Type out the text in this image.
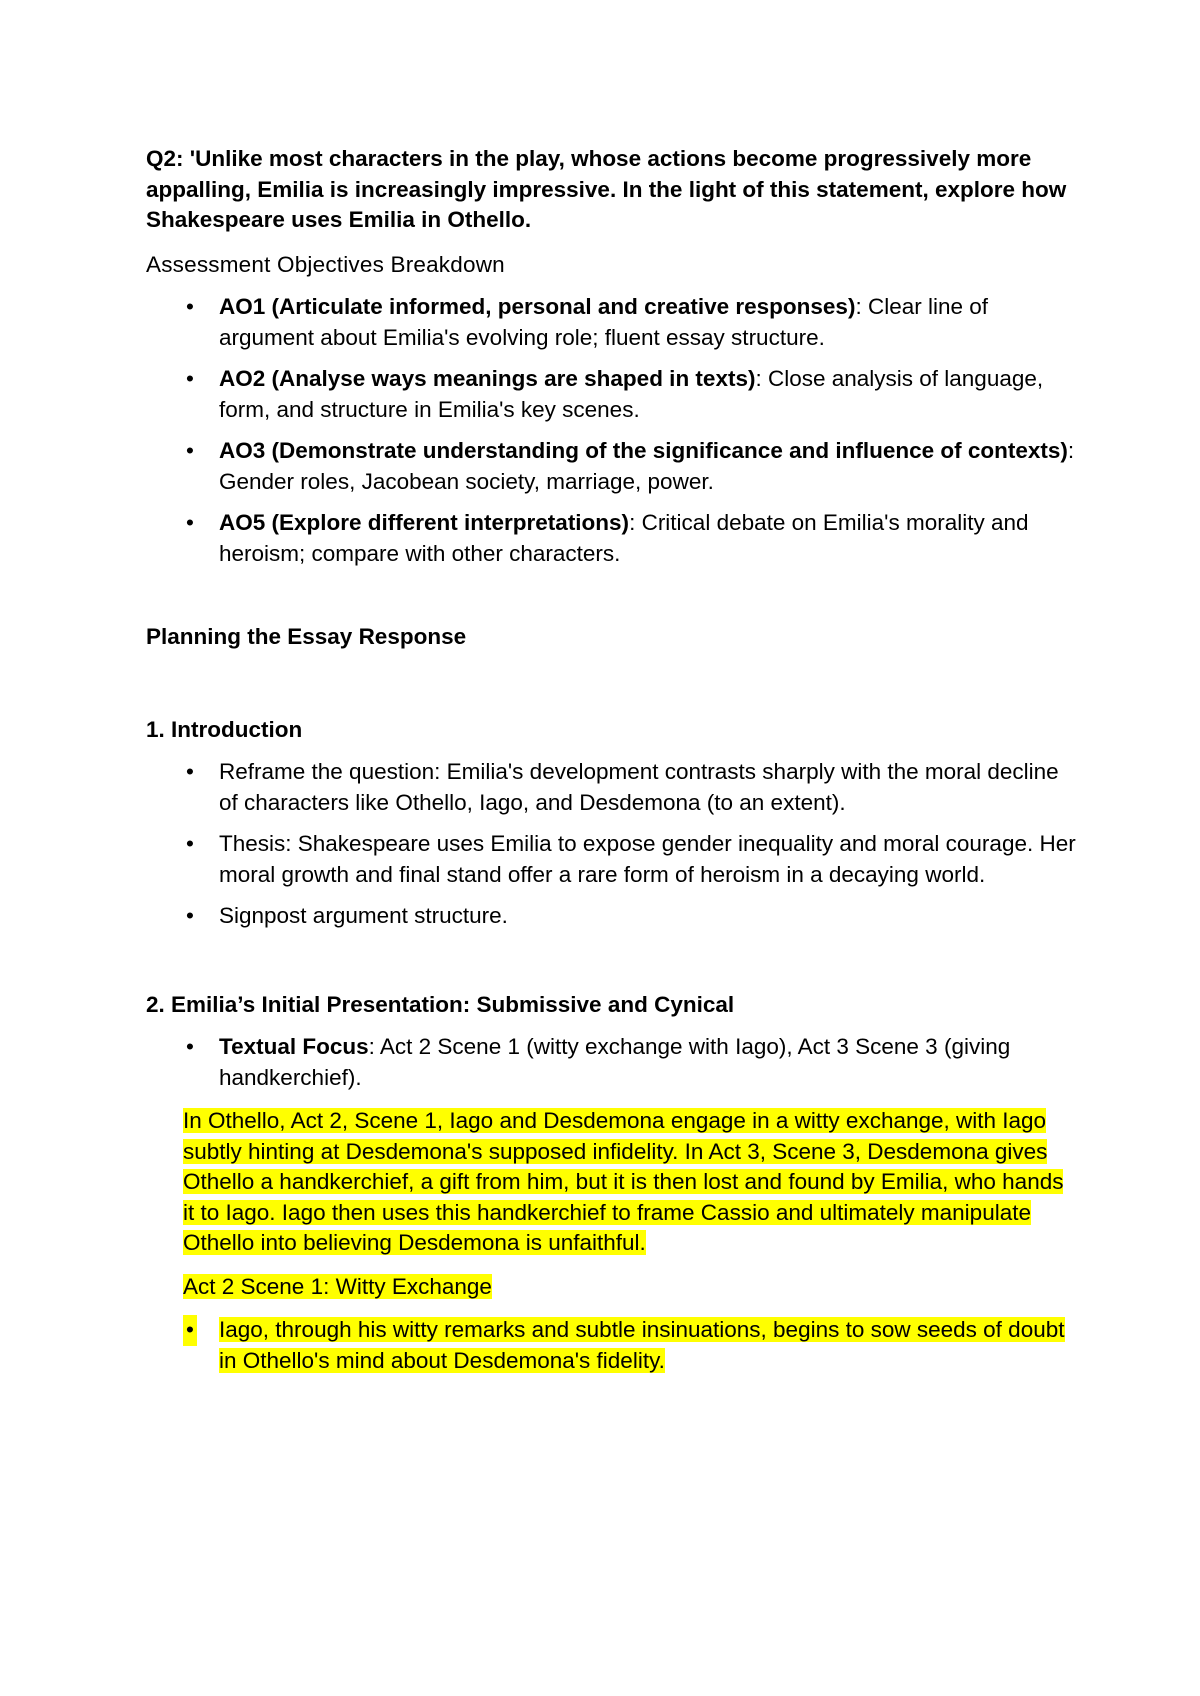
Q2: 'Unlike most characters in the play, whose actions become progressively more appalling, Emilia is increasingly impressive. In the light of this statement, explore how Shakespeare uses Emilia in Othello.

Assessment Objectives Breakdown

• AO1 (Articulate informed, personal and creative responses): Clear line of argument about Emilia's evolving role; fluent essay structure.
• AO2 (Analyse ways meanings are shaped in texts): Close analysis of language, form, and structure in Emilia's key scenes.
• AO3 (Demonstrate understanding of the significance and influence of contexts): Gender roles, Jacobean society, marriage, power.
• AO5 (Explore different interpretations): Critical debate on Emilia's morality and heroism; compare with other characters.

Planning the Essay Response

1. Introduction

• Reframe the question: Emilia's development contrasts sharply with the moral decline of characters like Othello, Iago, and Desdemona (to an extent).
• Thesis: Shakespeare uses Emilia to expose gender inequality and moral courage. Her moral growth and final stand offer a rare form of heroism in a decaying world.
• Signpost argument structure.

2. Emilia’s Initial Presentation: Submissive and Cynical

• Textual Focus: Act 2 Scene 1 (witty exchange with Iago), Act 3 Scene 3 (giving handkerchief).

In Othello, Act 2, Scene 1, Iago and Desdemona engage in a witty exchange, with Iago subtly hinting at Desdemona's supposed infidelity. In Act 3, Scene 3, Desdemona gives Othello a handkerchief, a gift from him, but it is then lost and found by Emilia, who hands it to Iago. Iago then uses this handkerchief to frame Cassio and ultimately manipulate Othello into believing Desdemona is unfaithful.

Act 2 Scene 1: Witty Exchange

• Iago, through his witty remarks and subtle insinuations, begins to sow seeds of doubt in Othello's mind about Desdemona's fidelity.
